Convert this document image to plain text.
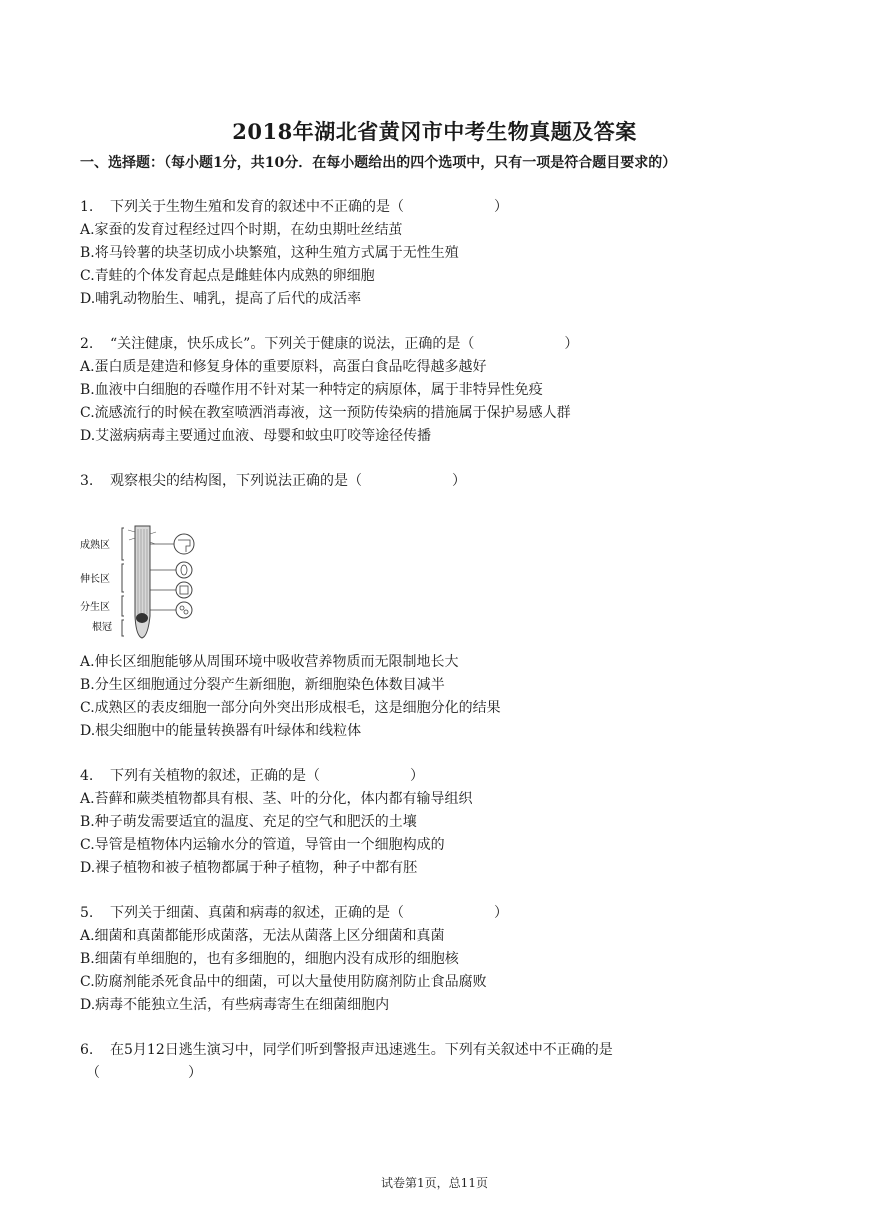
2018年湖北省黄冈市中考生物真题及答案
一、选择题：（每小题1分，共10分．在每小题给出的四个选项中，只有一项是符合题目要求的）
1. 下列关于生物生殖和发育的叙述中不正确的是（	）
A.家蚕的发育过程经过四个时期，在幼虫期吐丝结茧
B.将马铃薯的块茎切成小块繁殖，这种生殖方式属于无性生殖
C.青蛙的个体发育起点是雌蛙体内成熟的卵细胞
D.哺乳动物胎生、哺乳，提高了后代的成活率
2. “关注健康，快乐成长”。下列关于健康的说法，正确的是（	）
A.蛋白质是建造和修复身体的重要原料，高蛋白食品吃得越多越好
B.血液中白细胞的吞噬作用不针对某一种特定的病原体，属于非特异性免疫
C.流感流行的时候在教室喷洒消毒液，这一预防传染病的措施属于保护易感人群
D.艾滋病病毒主要通过血液、母婴和蚊虫叮咬等途径传播
3. 观察根尖的结构图，下列说法正确的是（	）
成熟区
伸长区
分生区
根冠
A.伸长区细胞能够从周围环境中吸收营养物质而无限制地长大
B.分生区细胞通过分裂产生新细胞，新细胞染色体数目减半
C.成熟区的表皮细胞一部分向外突出形成根毛，这是细胞分化的结果
D.根尖细胞中的能量转换器有叶绿体和线粒体
4. 下列有关植物的叙述，正确的是（	）
A.苔藓和蕨类植物都具有根、茎、叶的分化，体内都有输导组织
B.种子萌发需要适宜的温度、充足的空气和肥沃的土壤
C.导管是植物体内运输水分的管道，导管由一个细胞构成的
D.裸子植物和被子植物都属于种子植物，种子中都有胚
5. 下列关于细菌、真菌和病毒的叙述，正确的是（	）
A.细菌和真菌都能形成菌落，无法从菌落上区分细菌和真菌
B.细菌有单细胞的，也有多细胞的，细胞内没有成形的细胞核
C.防腐剂能杀死食品中的细菌，可以大量使用防腐剂防止食品腐败
D.病毒不能独立生活，有些病毒寄生在细菌细胞内
6. 在5月12日逃生演习中，同学们听到警报声迅速逃生。下列有关叙述中不正确的是
（	）
试卷第1页，总11页
